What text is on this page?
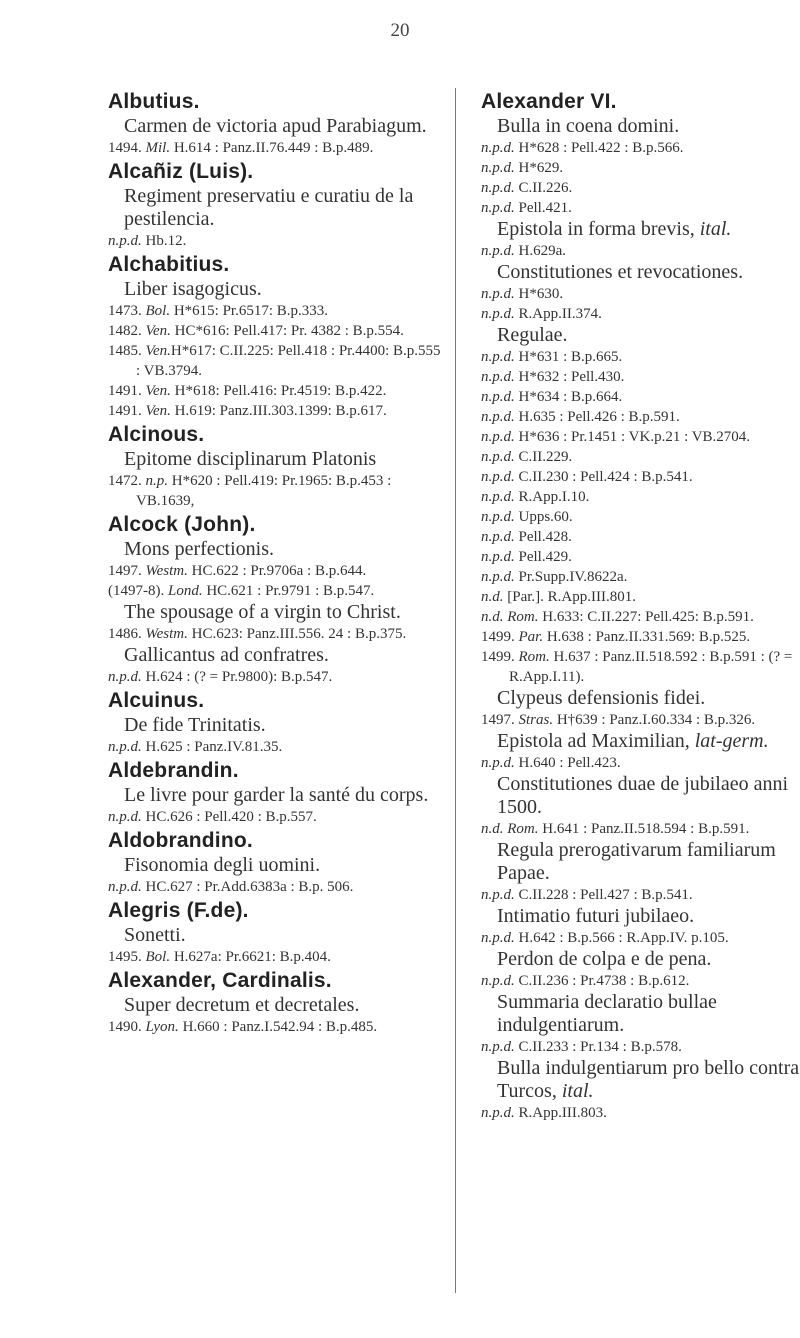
20
Albutius.
Carmen de victoria apud Parabiagum.
1494. Mil. H.614 : Panz.II.76.449 : B.p.489.
Alcañiz (Luis).
Regiment preservatiu e curatiu de la pestilencia.
n.p.d. Hb.12.
Alchabitius.
Liber isagogicus.
1473. Bol. H*615: Pr.6517: B.p.333.
1482. Ven. HC*616: Pell.417: Pr. 4382 : B.p.554.
1485. Ven.H*617: C.II.225: Pell.418 : Pr.4400: B.p.555 : VB.3794.
1491. Ven. H*618: Pell.416: Pr.4519: B.p.422.
1491. Ven. H.619: Panz.III.303.1399: B.p.617.
Alcinous.
Epitome disciplinarum Platonis
1472. n.p. H*620 : Pell.419: Pr.1965: B.p.453 : VB.1639,
Alcock (John).
Mons perfectionis.
1497. Westm. HC.622 : Pr.9706a : B.p.644.
(1497-8). Lond. HC.621 : Pr.9791 : B.p.547.
The spousage of a virgin to Christ.
1486. Westm. HC.623: Panz.III.556. 24 : B.p.375.
Gallicantus ad confratres.
n.p.d. H.624 : (? = Pr.9800): B.p.547.
Alcuinus.
De fide Trinitatis.
n.p.d. H.625 : Panz.IV.81.35.
Aldebrandin.
Le livre pour garder la santé du corps.
n.p.d. HC.626 : Pell.420 : B.p.557.
Aldobrandino.
Fisonomia degli uomini.
n.p.d. HC.627 : Pr.Add.6383a : B.p. 506.
Alegris (F.de).
Sonetti.
1495. Bol. H.627a: Pr.6621: B.p.404.
Alexander, Cardinalis.
Super decretum et decretales.
1490. Lyon. H.660 : Panz.I.542.94 : B.p.485.
Alexander VI.
Bulla in coena domini.
n.p.d. H*628 : Pell.422 : B.p.566.
n.p.d. H*629.
n.p.d. C.II.226.
n.p.d. Pell.421.
Epistola in forma brevis, ital.
n.p.d. H.629a.
Constitutiones et revocationes.
n.p.d. H*630.
n.p.d. R.App.II.374.
Regulae.
n.p.d. H*631 : B.p.665.
n.p.d. H*632 : Pell.430.
n.p.d. H*634 : B.p.664.
n.p.d. H.635 : Pell.426 : B.p.591.
n.p.d. H*636 : Pr.1451 : VK.p.21 : VB.2704.
n.p.d. C.II.229.
n.p.d. C.II.230 : Pell.424 : B.p.541.
n.p.d. R.App.I.10.
n.p.d. Upps.60.
n.p.d. Pell.428.
n.p.d. Pell.429.
n.p.d. Pr.Supp.IV.8622a.
n.d. [Par.]. R.App.III.801.
n.d. Rom. H.633: C.II.227: Pell.425: B.p.591.
1499. Par. H.638 : Panz.II.331.569: B.p.525.
1499. Rom. H.637 : Panz.II.518.592 : B.p.591 : (? = R.App.I.11).
Clypeus defensionis fidei.
1497. Stras. H†639 : Panz.I.60.334 : B.p.326.
Epistola ad Maximilian, lat-germ.
n.p.d. H.640 : Pell.423.
Constitutiones duae de jubilaeo anni 1500.
n.d. Rom. H.641 : Panz.II.518.594 : B.p.591.
Regula prerogativarum familiarum Papae.
n.p.d. C.II.228 : Pell.427 : B.p.541.
Intimatio futuri jubilaeo.
n.p.d. H.642 : B.p.566 : R.App.IV. p.105.
Perdon de colpa e de pena.
n.p.d. C.II.236 : Pr.4738 : B.p.612.
Summaria declaratio bullae indulgentiarum.
n.p.d. C.II.233 : Pr.134 : B.p.578.
Bulla indulgentiarum pro bello contra Turcos, ital.
n.p.d. R.App.III.803.
